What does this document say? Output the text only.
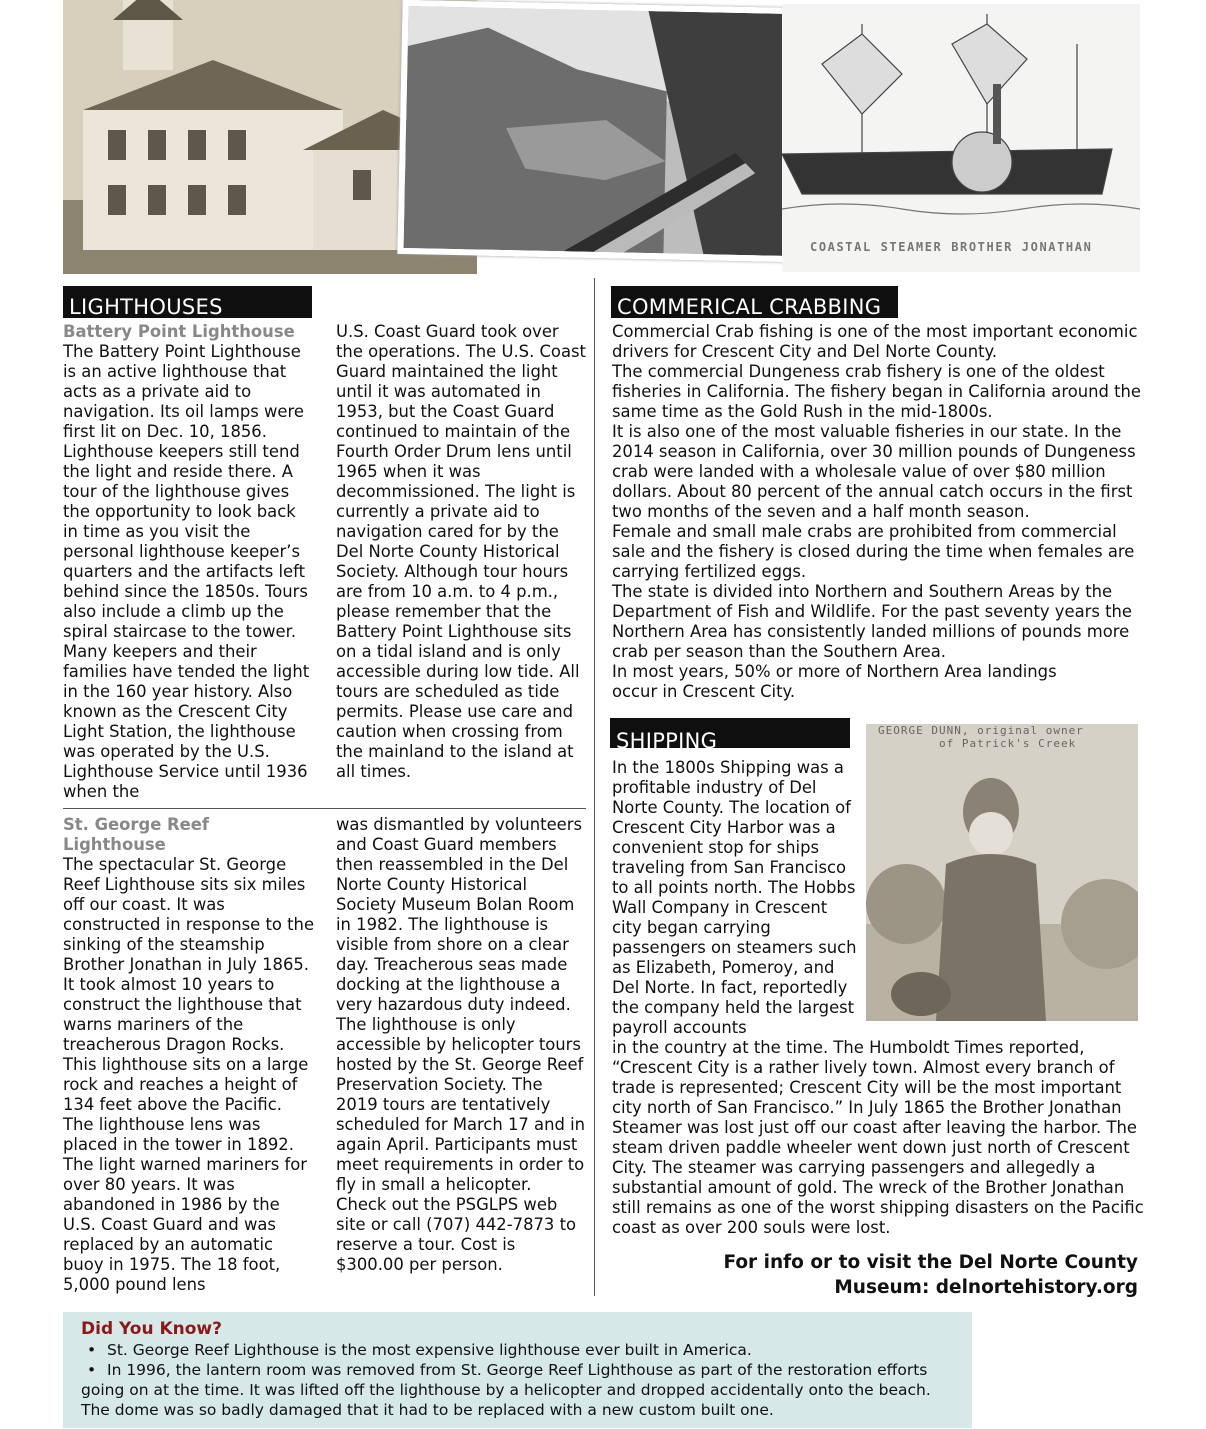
COASTAL STEAMER BROTHER JONATHAN
LIGHTHOUSES
Battery Point Lighthouse

The Battery Point Lighthouse is an active lighthouse that acts as a private aid to navigation. Its oil lamps were first lit on Dec. 10, 1856. Lighthouse keepers still tend the light and reside there. A tour of the lighthouse gives the opportunity to look back in time as you visit the personal lighthouse keeper’s quarters and the artifacts left behind since the 1850s. Tours also include a climb up the spiral staircase to the tower. Many keepers and their families have tended the light in the 160 year history. Also known as the Crescent City Light Station, the lighthouse was operated by the U.S. Lighthouse Service until 1936 when the

U.S. Coast Guard took over the operations. The U.S. Coast Guard maintained the light until it was automated in 1953, but the Coast Guard continued to maintain of the Fourth Order Drum lens until 1965 when it was decommissioned. The light is currently a private aid to navigation cared for by the Del Norte County Historical Society. Although tour hours are from 10 a.m. to 4 p.m., please remember that the Battery Point Lighthouse sits on a tidal island and is only accessible during low tide. All tours are scheduled as tide permits. Please use care and caution when crossing from the mainland to the island at all times.

St. George Reef Lighthouse

The spectacular St. George Reef Lighthouse sits six miles off our coast. It was constructed in response to the sinking of the steamship Brother Jonathan in July 1865. It took almost 10 years to construct the lighthouse that warns mariners of the treacherous Dragon Rocks. This lighthouse sits on a large rock and reaches a height of 134 feet above the Pacific. The lighthouse lens was placed in the tower in 1892. The light warned mariners for over 80 years. It was abandoned in 1986 by the U.S. Coast Guard and was replaced by an automatic buoy in 1975. The 18 foot, 5,000 pound lens

was dismantled by volunteers and Coast Guard members then reassembled in the Del Norte County Historical Society Museum Bolan Room in 1982. The lighthouse is visible from shore on a clear day. Treacherous seas made docking at the lighthouse a very hazardous duty indeed. The lighthouse is only accessible by helicopter tours hosted by the St. George Reef Preservation Society. The 2019 tours are tentatively scheduled for March 17 and in again April. Participants must meet requirements in order to fly in small a helicopter. Check out the PSGLPS web site or call (707) 442-7873 to reserve a tour. Cost is $300.00 per person.

COMMERICAL CRABBING

Commercial Crab fishing is one of the most important economic drivers for Crescent City and Del Norte County.

The commercial Dungeness crab fishery is one of the oldest fisheries in California. The fishery began in California around the same time as the Gold Rush in the mid-1800s.

It is also one of the most valuable fisheries in our state. In the 2014 season in California, over 30 million pounds of Dungeness crab were landed with a wholesale value of over $80 million dollars. About 80 percent of the annual catch occurs in the first two months of the seven and a half month season.

Female and small male crabs are prohibited from commercial sale and the fishery is closed during the time when females are carrying fertilized eggs.

The state is divided into Northern and Southern Areas by the Department of Fish and Wildlife. For the past seventy years the Northern Area has consistently landed millions of pounds more crab per season than the Southern Area.

In most years, 50% or more of Northern Area landings occur in Crescent City.

SHIPPING	GEORGE DUNN, original owner
of Patrick's Creek

In the 1800s Shipping was a profitable industry of Del Norte County. The location of Crescent City Harbor was a convenient stop for ships traveling from San Francisco to all points north. The Hobbs Wall Company in Crescent city began carrying passengers on steamers such as Elizabeth, Pomeroy, and Del Norte. In fact, reportedly the company held the largest payroll accounts

in the country at the time. The Humboldt Times reported, “Crescent City is a rather lively town. Almost every branch of trade is represented; Crescent City will be the most important city north of San Francisco.” In July 1865 the Brother Jonathan Steamer was lost just off our coast after leaving the harbor. The steam driven paddle wheeler went down just north of Crescent City. The steamer was carrying passengers and allegedly a substantial amount of gold. The wreck of the Brother Jonathan still remains as one of the worst shipping disasters on the Pacific coast as over 200 souls were lost.

For info or to visit the Del Norte County
Museum: delnortehistory.org
Did You Know?
• St. George Reef Lighthouse is the most expensive lighthouse ever built in America.
• In 1996, the lantern room was removed from St. George Reef Lighthouse as part of the restoration efforts going on at the time. It was lifted off the lighthouse by a helicopter and dropped accidentally onto the beach. The dome was so badly damaged that it had to be replaced with a new custom built one.
